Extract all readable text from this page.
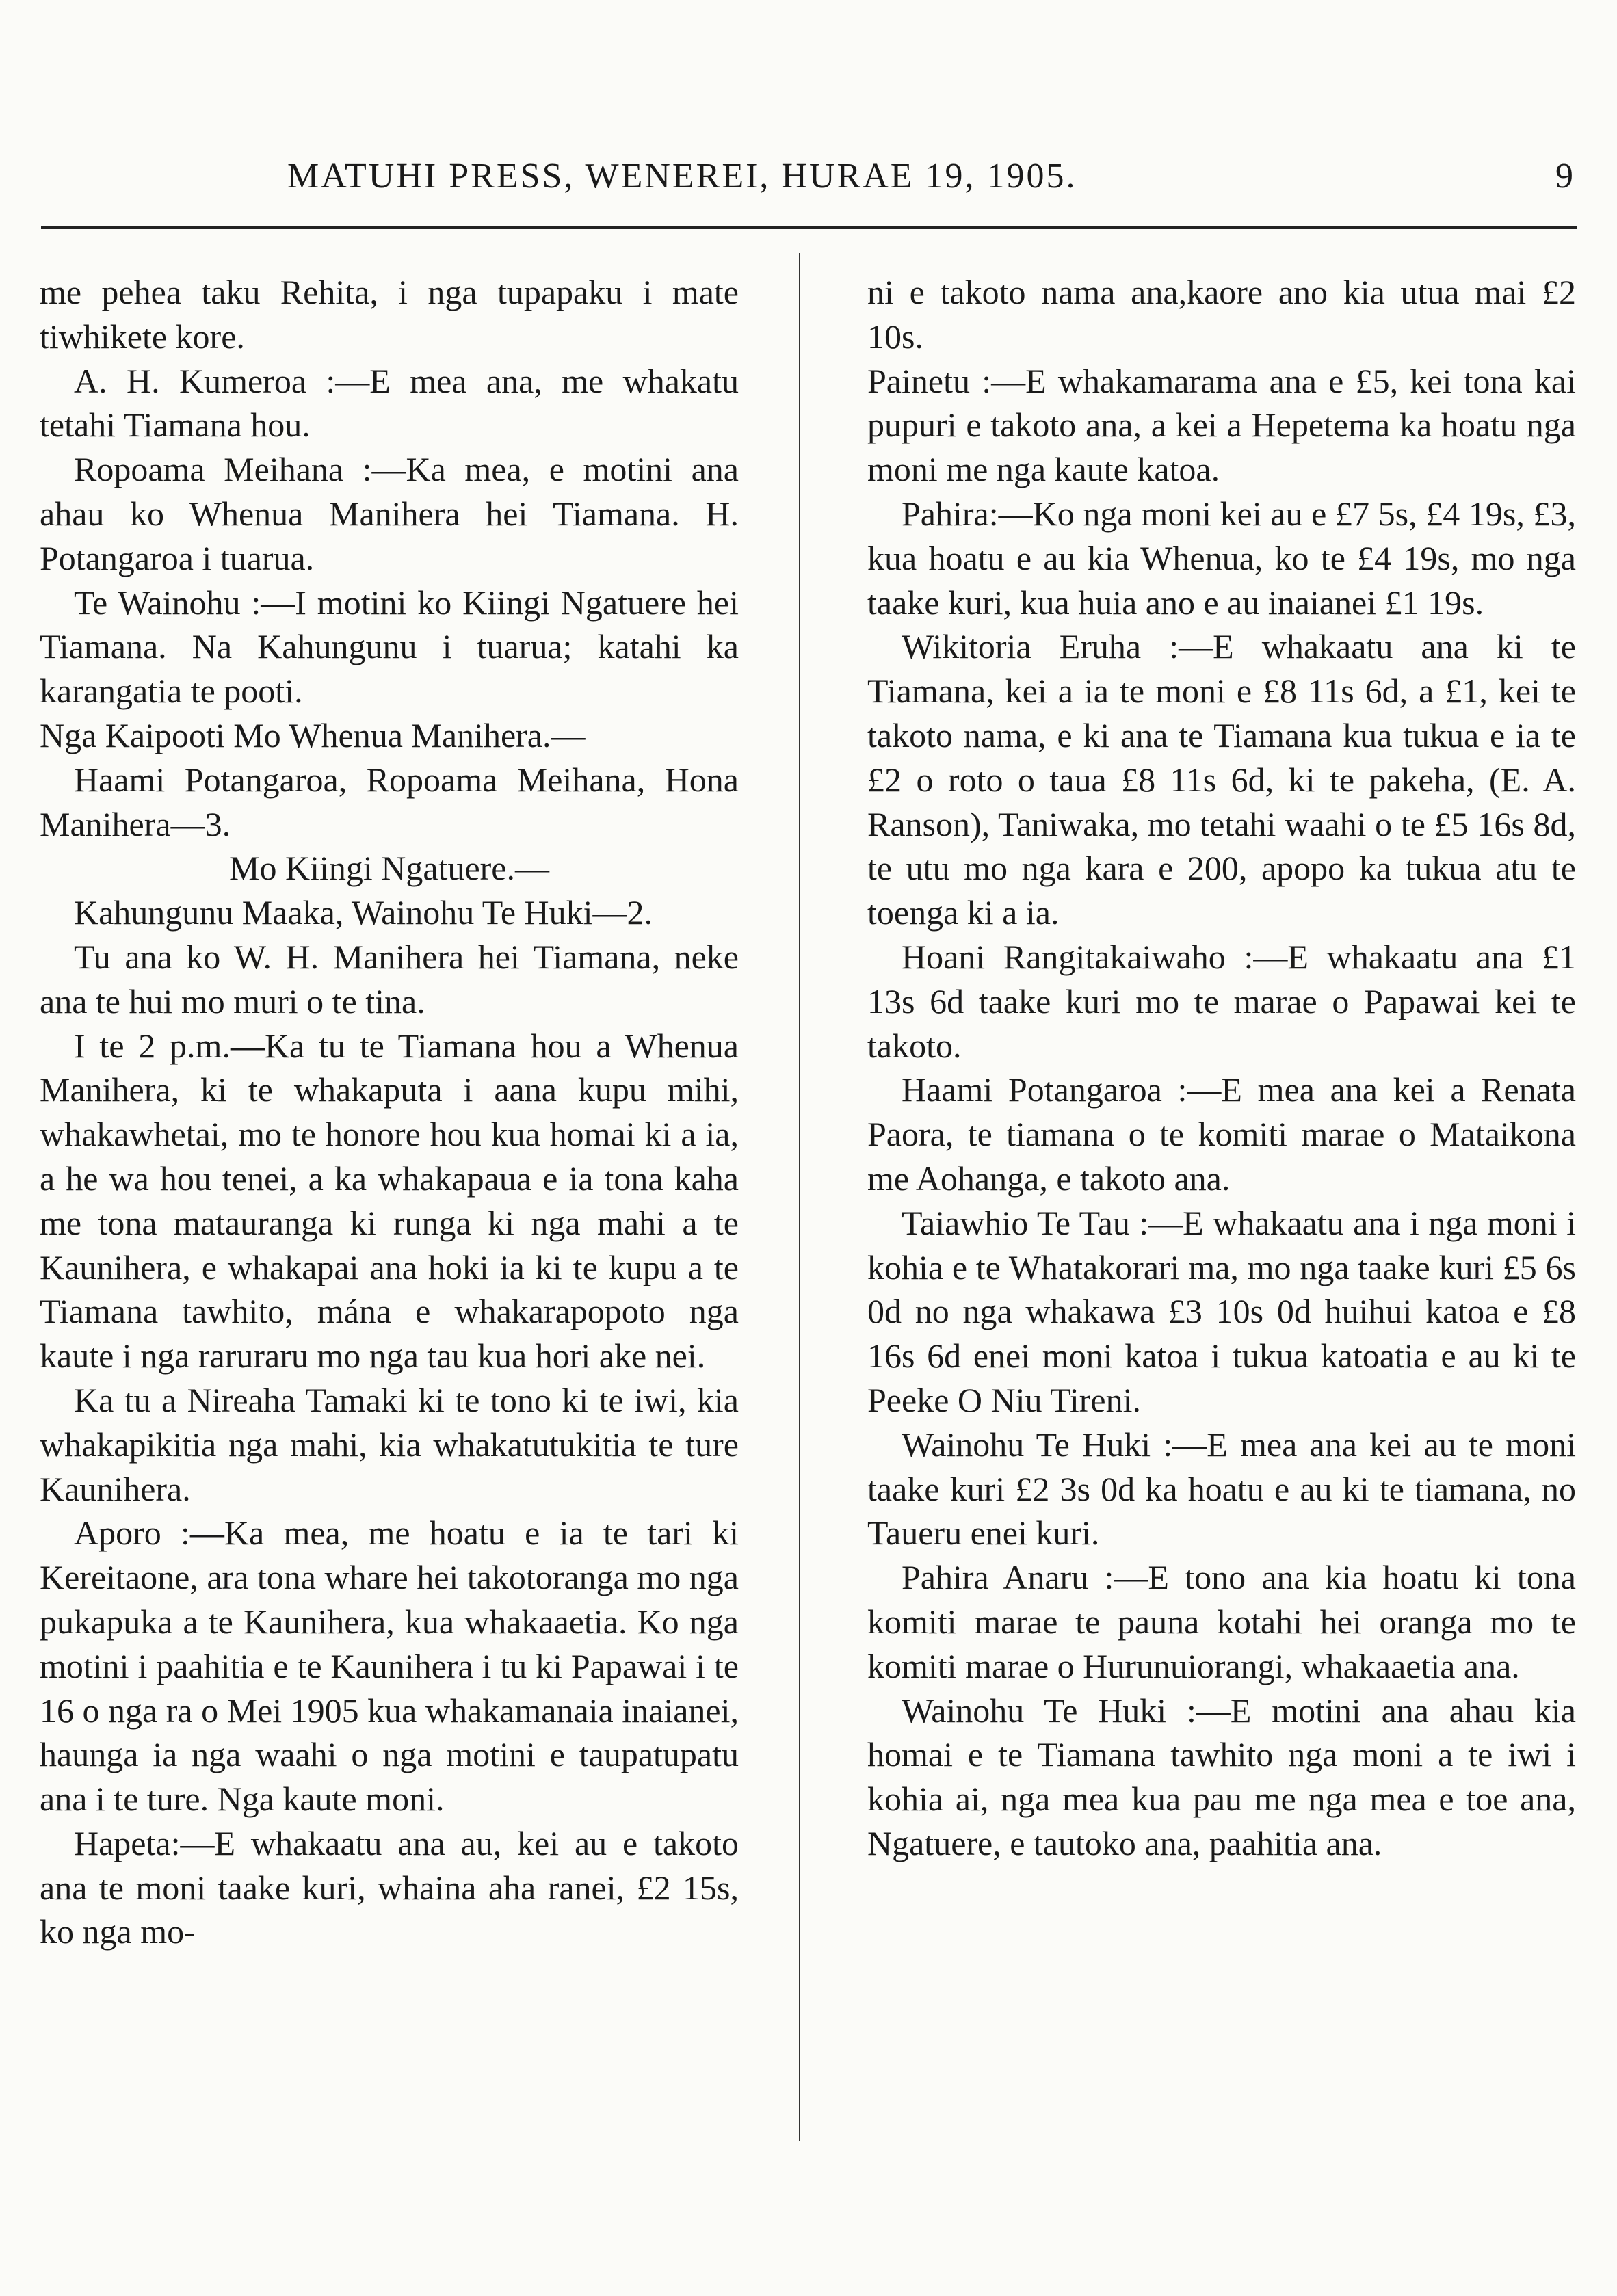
MATUHI PRESS, WENEREI, HURAE 19, 1905.	9

me pehea taku Rehita, i nga tupapaku i mate tiwhikete kore.

A. H. Kumeroa :—E mea ana, me whakatu tetahi Tiamana hou.

Ropoama Meihana :—Ka mea, e motini ana ahau ko Whenua Manihera hei Tiamana. H. Potangaroa i tuarua.

Te Wainohu :—I motini ko Kiingi Ngatuere hei Tiamana. Na Kahungunu i tuarua; katahi ka karangatia te pooti.

Nga Kaipooti Mo Whenua Manihera.—

Haami Potangaroa, Ropoama Meihana, Hona Manihera—3.

Mo Kiingi Ngatuere.—

Kahungunu Maaka, Wainohu Te Huki—2.

Tu ana ko W. H. Manihera hei Tiamana, neke ana te hui mo muri o te tina.

I te 2 p.m.—Ka tu te Tiamana hou a Whenua Manihera, ki te whakaputa i aana kupu mihi, whakawhetai, mo te honore hou kua homai ki a ia, a he wa hou tenei, a ka whakapaua e ia tona kaha me tona matauranga ki runga ki nga mahi a te Kaunihera, e whakapai ana hoki ia ki te kupu a te Tiamana tawhito, mána e whakarapopoto nga kaute i nga raruraru mo nga tau kua hori ake nei.

Ka tu a Nireaha Tamaki ki te tono ki te iwi, kia whakapikitia nga mahi, kia whakatutukitia te ture Kaunihera.

Aporo :—Ka mea, me hoatu e ia te tari ki Kereitaone, ara tona whare hei takotoranga mo nga pukapuka a te Kaunihera, kua whakaaetia. Ko nga motini i paahitia e te Kaunihera i tu ki Papawai i te 16 o nga ra o Mei 1905 kua whakamanaia inaianei, haunga ia nga waahi o nga motini e taupatupatu ana i te ture. Nga kaute moni.

Hapeta:—E whakaatu ana au, kei au e takoto ana te moni taake kuri, whaina aha ranei, £2 15s, ko nga mo-

ni e takoto nama ana,kaore ano kia utua mai £2 10s.

Painetu :—E whakamarama ana e £5, kei tona kai pupuri e takoto ana, a kei a Hepetema ka hoatu nga moni me nga kaute katoa.

Pahira:—Ko nga moni kei au e £7 5s, £4 19s, £3, kua hoatu e au kia Whenua, ko te £4 19s, mo nga taake kuri, kua huia ano e au inaianei £1 19s.

Wikitoria Eruha :—E whakaatu ana ki te Tiamana, kei a ia te moni e £8 11s 6d, a £1, kei te takoto nama, e ki ana te Tiamana kua tukua e ia te £2 o roto o taua £8 11s 6d, ki te pakeha, (E. A. Ranson), Taniwaka, mo tetahi waahi o te £5 16s 8d, te utu mo nga kara e 200, apopo ka tukua atu te toenga ki a ia.

Hoani Rangitakaiwaho :—E whakaatu ana £1 13s 6d taake kuri mo te marae o Papawai kei te takoto.

Haami Potangaroa :—E mea ana kei a Renata Paora, te tiamana o te komiti marae o Mataikona me Aohanga, e takoto ana.

Taiawhio Te Tau :—E whakaatu ana i nga moni i kohia e te Whatakorari ma, mo nga taake kuri £5 6s 0d no nga whakawa £3 10s 0d huihui katoa e £8 16s 6d enei moni katoa i tukua katoatia e au ki te Peeke O Niu Tireni.

Wainohu Te Huki :—E mea ana kei au te moni taake kuri £2 3s 0d ka hoatu e au ki te tiamana, no Taueru enei kuri.

Pahira Anaru :—E tono ana kia hoatu ki tona komiti marae te pauna kotahi hei oranga mo te komiti marae o Hurunuiorangi, whakaaetia ana.

Wainohu Te Huki :—E motini ana ahau kia homai e te Tiamana tawhito nga moni a te iwi i kohia ai, nga mea kua pau me nga mea e toe ana, Ngatuere, e tautoko ana, paahitia ana.
